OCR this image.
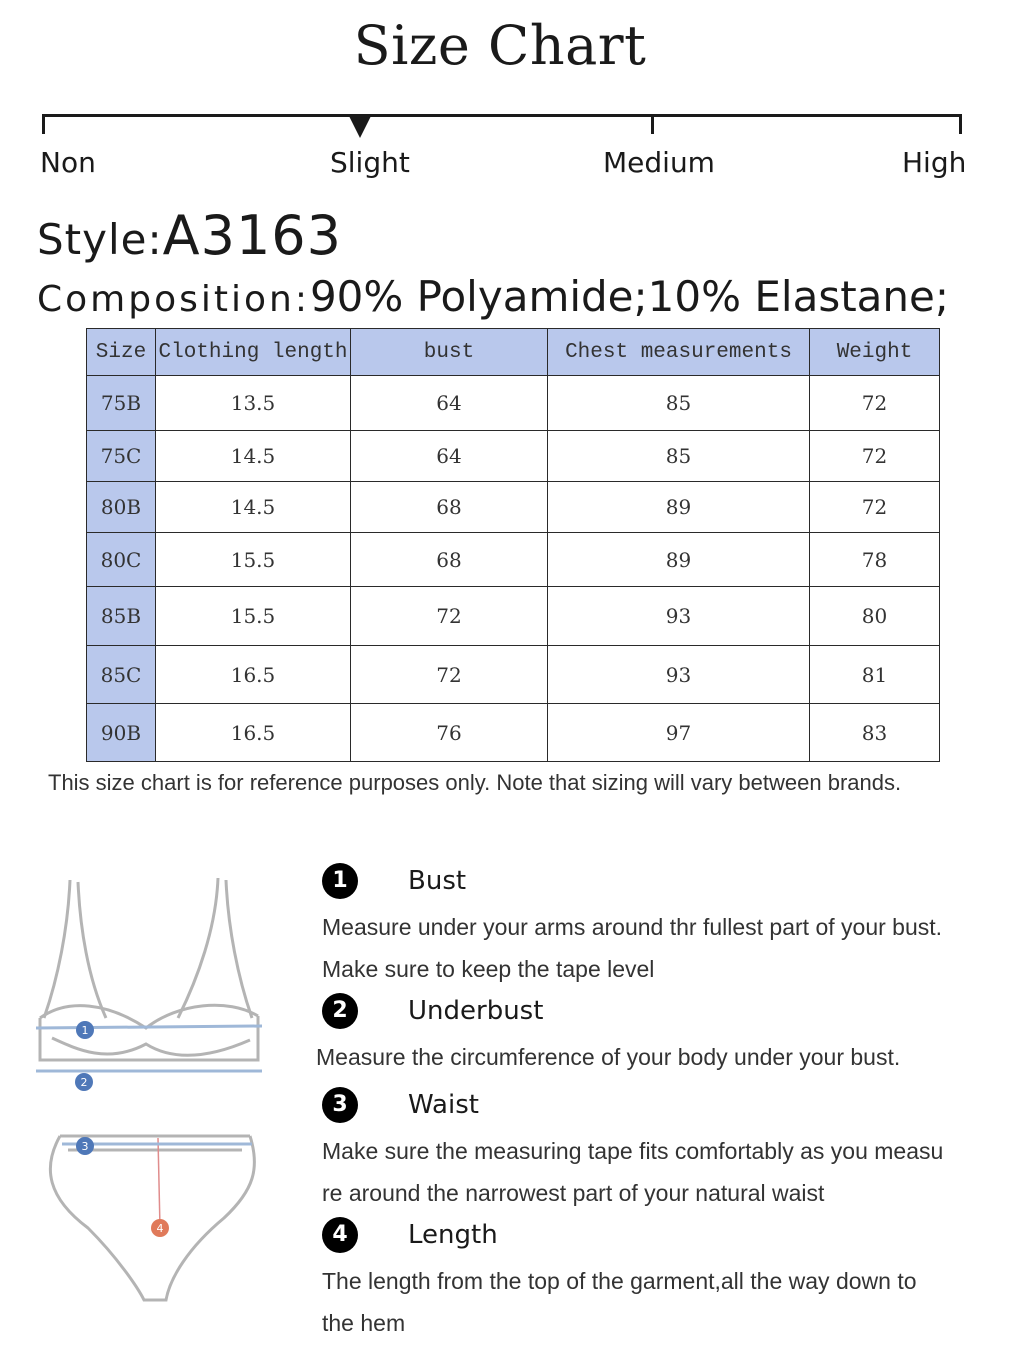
Size Chart
Non	Slight	Medium	High
Style:A3163
Composition:90% Polyamide;10% Elastane;
Size	Clothing length	bust	Chest measurements	Weight
75B	13.5	64	85	72
75C	14.5	64	85	72
80B	14.5	68	89	72
80C	15.5	68	89	78
85B	15.5	72	93	80
85C	16.5	72	93	81
90B	16.5	76	97	83
This size chart is for reference purposes only. Note that sizing will vary between brands.
1
2
3
4
1	Bust
Measure under your arms around thr fullest part of your bust.
Make sure to keep the tape level
2	Underbust
Measure the circumference of your body under your bust.
3	Waist
Make sure the measuring tape fits comfortably as you measu
re around the narrowest part of your natural waist
4	Length
The length from the top of the garment,all the way down to
the hem
